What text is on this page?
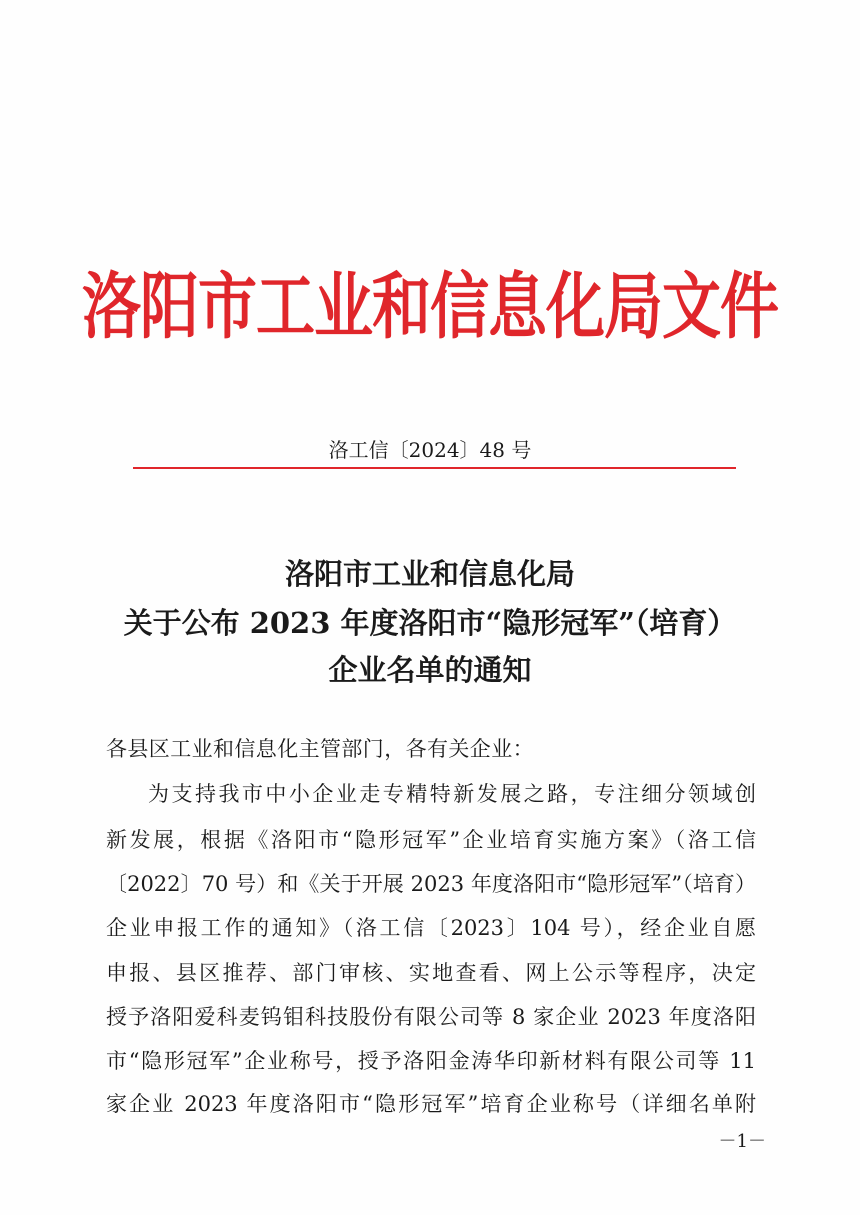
洛阳市工业和信息化局文件
洛工信〔2024〕48 号
洛阳市工业和信息化局
关于公布 2023 年度洛阳市“隐形冠军”（培育）
企业名单的通知
各县区工业和信息化主管部门，各有关企业：
为支持我市中小企业走专精特新发展之路，专注细分领域创
新发展，根据《洛阳市“隐形冠军”企业培育实施方案》（洛工信
〔2022〕70 号）和《关于开展 2023 年度洛阳市“隐形冠军”（培育）
企业申报工作的通知》（洛工信〔2023〕104 号），经企业自愿
申报、县区推荐、部门审核、实地查看、网上公示等程序，决定
授予洛阳爱科麦钨钼科技股份有限公司等 8 家企业 2023 年度洛阳
市“隐形冠军”企业称号，授予洛阳金涛华印新材料有限公司等 11
家企业 2023 年度洛阳市“隐形冠军”培育企业称号（详细名单附
－1－
